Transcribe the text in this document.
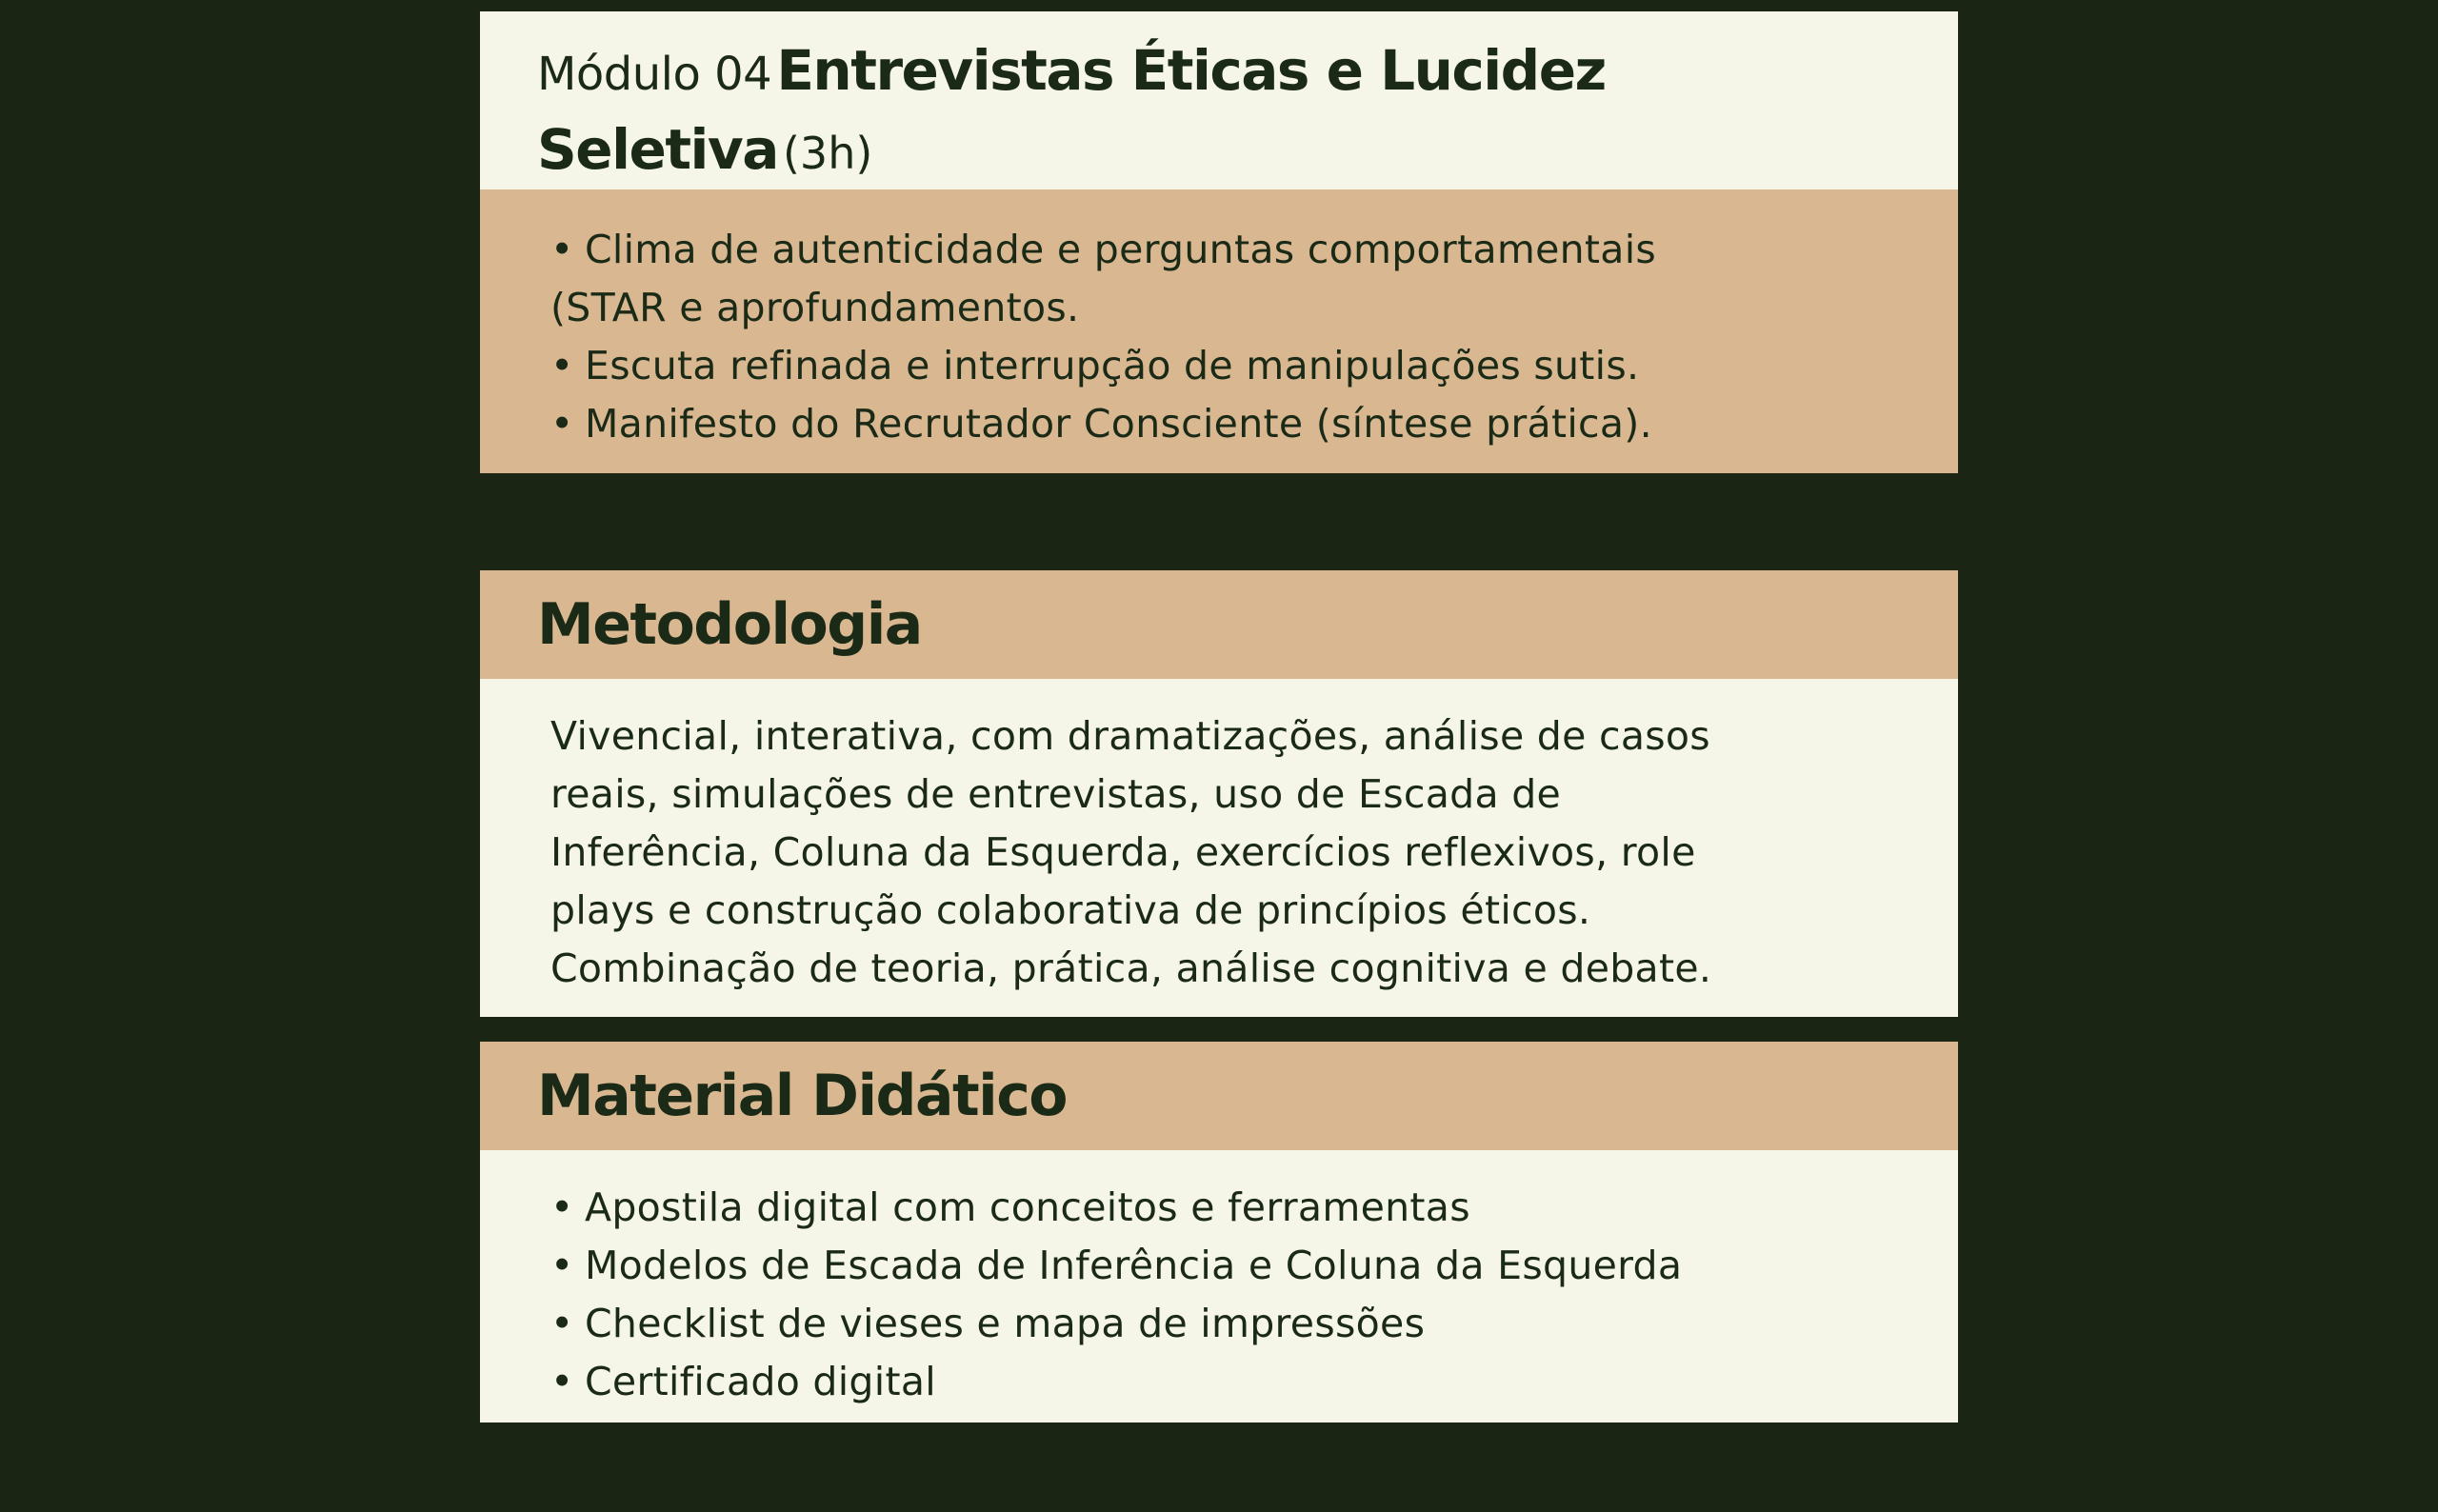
Módulo 04 Entrevistas Éticas e Lucidez
Seletiva (3h)
• Clima de autenticidade e perguntas comportamentais
(STAR e aprofundamentos.
• Escuta refinada e interrupção de manipulações sutis.
• Manifesto do Recrutador Consciente (síntese prática).
Metodologia

Vivencial, interativa, com dramatizações, análise de casos
reais, simulações de entrevistas, uso de Escada de
Inferência, Coluna da Esquerda, exercícios reflexivos, role
plays e construção colaborativa de princípios éticos.
Combinação de teoria, prática, análise cognitiva e debate.

Material Didático
• Apostila digital com conceitos e ferramentas
• Modelos de Escada de Inferência e Coluna da Esquerda
• Checklist de vieses e mapa de impressões
• Certificado digital
